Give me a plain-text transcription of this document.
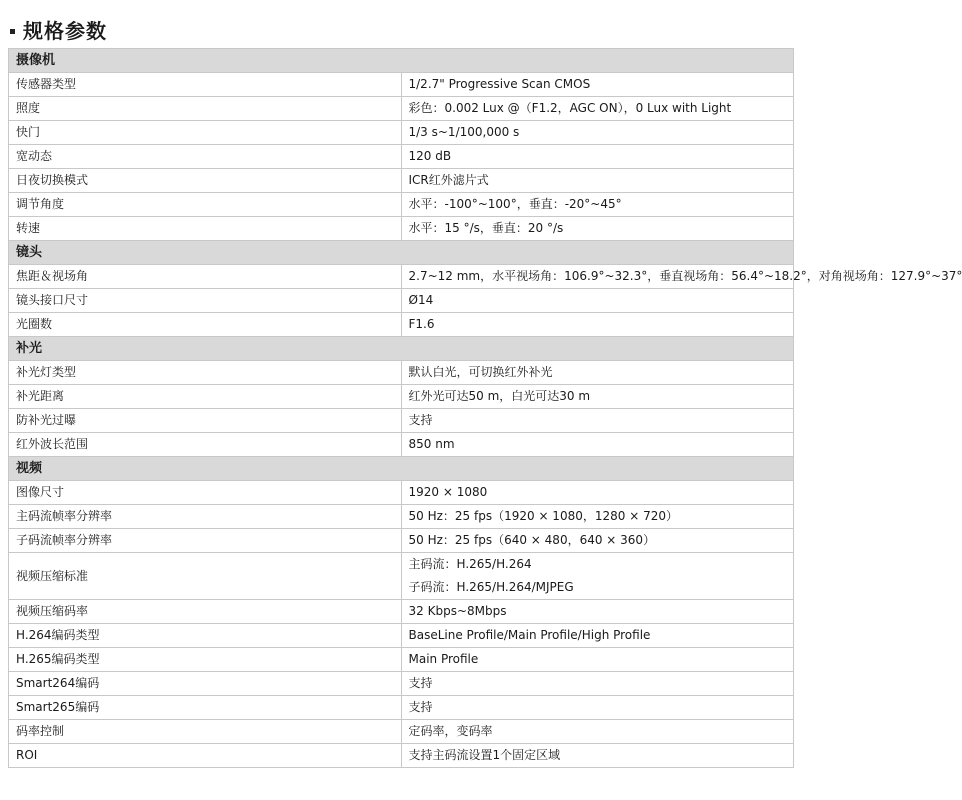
规格参数
摄像机	
传感器类型	1/2.7" Progressive Scan CMOS
照度	彩色：0.002 Lux @（F1.2，AGC ON），0 Lux with Light
快门	1/3 s~1/100,000 s
宽动态	120 dB
日夜切换模式	ICR红外滤片式
调节角度	水平：-100°~100°，垂直：-20°~45°
转速	水平：15 °/s，垂直：20 °/s
镜头	
焦距＆视场角	2.7~12 mm，水平视场角：106.9°~32.3°，垂直视场角：56.4°~18.2°，对角视场角：127.9°~37°
镜头接口尺寸	Ø14
光圈数	F1.6
补光	
补光灯类型	默认白光，可切换红外补光
补光距离	红外光可达50 m，白光可达30 m
防补光过曝	支持
红外波长范围	850 nm
视频	
图像尺寸	1920 × 1080
主码流帧率分辨率	50 Hz：25 fps（1920 × 1080，1280 × 720）
子码流帧率分辨率	50 Hz：25 fps（640 × 480，640 × 360）
视频压缩标准	主码流：H.265/H.264
子码流：H.265/H.264/MJPEG

视频压缩码率	32 Kbps~8Mbps
H.264编码类型	BaseLine Profile/Main Profile/High Profile
H.265编码类型	Main Profile
Smart264编码	支持
Smart265编码	支持
码率控制	定码率，变码率
ROI	支持主码流设置1个固定区域
